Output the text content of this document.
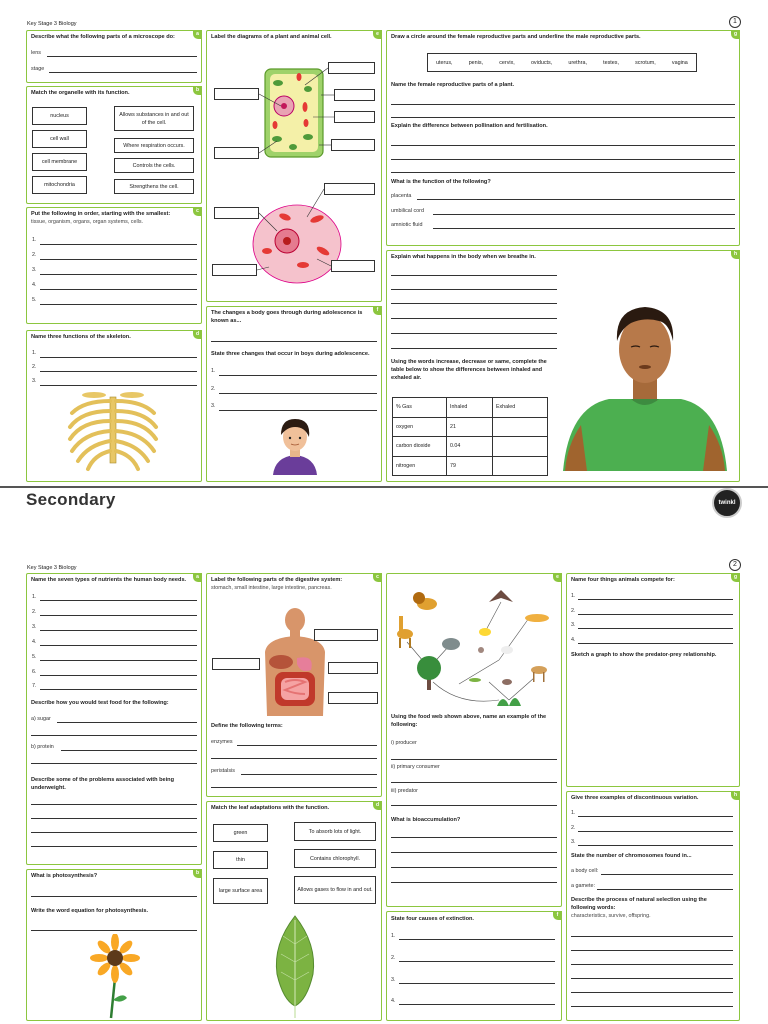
Key Stage 3 Biology	1
a
Describe what the following parts of a microscope do:
lens
stage
b
Match the organelle with its function.
nucleus
cell wall
cell membrane
mitochondria
Allows substances in and out of the cell.
Where respiration occurs.
Controls the cells.
Strengthens the cell.
c
Put the following in order, starting with the smallest:
tissue, organism, organs, organ systems, cells.
1.
2.
3.
4.
5.
d
Name three functions of the skeleton.
1.
2.
3.
e
Label the diagrams of a plant and animal cell.
f
The changes a body goes through during adolescence is known as...
State three changes that occur in boys during adolescence.
1.
2.
3.
g
Draw a circle around the female reproductive parts and underline the male reproductive parts.
uterus,	penis,	cervix,	oviducts,	urethra,	testes,	scrotum,	vagina
Name the female reproductive parts of a plant.
Explain the difference between pollination and fertilisation.
What is the function of the following?
placenta
umbilical cord
amniotic fluid
h
Explain what happens in the body when we breathe in.
Using the words increase, decrease or same, complete the table below to show the differences between inhaled and exhaled air.
% Gas	Inhaled	Exhaled
oxygen	21	
carbon dioxide	0.04	
nitrogen	79	
Secondary	twinkl
Key Stage 3 Biology	2
a
Name the seven types of nutrients the human body needs.
1.
2.
3.
4.
5.
6.
7.
Describe how you would test food for the following:
a) sugar
b) protein
Describe some of the problems associated with being underweight.
b
What is photosynthesis?
Write the word equation for photosynthesis.
c
Label the following parts of the digestive system:
stomach, small intestine, large intestine, pancreas.
Define the following terms:
enzymes
peristalsis
d
Match the leaf adaptations with the function.
green
thin
large surface area
To absorb lots of light.
Contains chlorophyll.
Allows gases to flow in and out.
e
Using the food web shown above, name an example of the following:
i) producer
ii) primary consumer
iii) predator
What is bioaccumulation?
f
State four causes of extinction.
1.
2.
3.
4.
g
Name four things animals compete for:
1.
2.
3.
4.
Sketch a graph to show the predator-prey relationship.
h
Give three examples of discontinuous variation.
1.
2.
3.
State the number of chromosomes found in...
a body cell:
a gamete:
Describe the process of natural selection using the following words:
characteristics, survive, offspring.
